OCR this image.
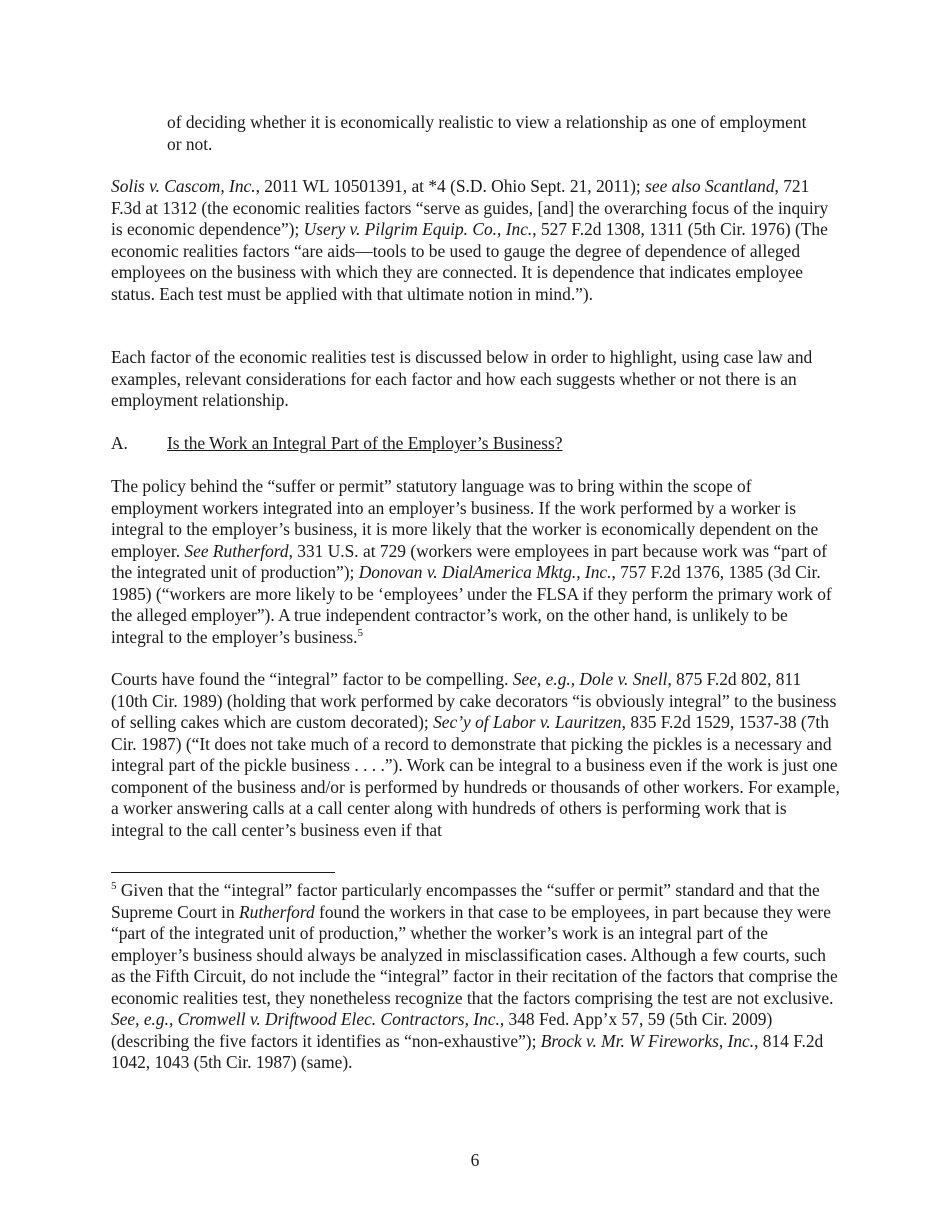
of deciding whether it is economically realistic to view a relationship as one of employment or not.
Solis v. Cascom, Inc., 2011 WL 10501391, at *4 (S.D. Ohio Sept. 21, 2011); see also Scantland, 721 F.3d at 1312 (the economic realities factors “serve as guides, [and] the overarching focus of the inquiry is economic dependence”); Usery v. Pilgrim Equip. Co., Inc., 527 F.2d 1308, 1311 (5th Cir. 1976) (The economic realities factors “are aids—tools to be used to gauge the degree of dependence of alleged employees on the business with which they are connected. It is dependence that indicates employee status. Each test must be applied with that ultimate notion in mind.”).
Each factor of the economic realities test is discussed below in order to highlight, using case law and examples, relevant considerations for each factor and how each suggests whether or not there is an employment relationship.
A. Is the Work an Integral Part of the Employer’s Business?
The policy behind the “suffer or permit” statutory language was to bring within the scope of employment workers integrated into an employer’s business. If the work performed by a worker is integral to the employer’s business, it is more likely that the worker is economically dependent on the employer. See Rutherford, 331 U.S. at 729 (workers were employees in part because work was “part of the integrated unit of production”); Donovan v. DialAmerica Mktg., Inc., 757 F.2d 1376, 1385 (3d Cir. 1985) (“workers are more likely to be ‘employees’ under the FLSA if they perform the primary work of the alleged employer”). A true independent contractor’s work, on the other hand, is unlikely to be integral to the employer’s business.$^5$
Courts have found the “integral” factor to be compelling. See, e.g., Dole v. Snell, 875 F.2d 802, 811 (10th Cir. 1989) (holding that work performed by cake decorators “is obviously integral” to the business of selling cakes which are custom decorated); Sec’y of Labor v. Lauritzen, 835 F.2d 1529, 1537-38 (7th Cir. 1987) (“It does not take much of a record to demonstrate that picking the pickles is a necessary and integral part of the pickle business . . . .”). Work can be integral to a business even if the work is just one component of the business and/or is performed by hundreds or thousands of other workers. For example, a worker answering calls at a call center along with hundreds of others is performing work that is integral to the call center’s business even if that
$^5$ Given that the “integral” factor particularly encompasses the “suffer or permit” standard and that the Supreme Court in Rutherford found the workers in that case to be employees, in part because they were “part of the integrated unit of production,” whether the worker’s work is an integral part of the employer’s business should always be analyzed in misclassification cases. Although a few courts, such as the Fifth Circuit, do not include the “integral” factor in their recitation of the factors that comprise the economic realities test, they nonetheless recognize that the factors comprising the test are not exclusive. See, e.g., Cromwell v. Driftwood Elec. Contractors, Inc., 348 Fed. App’x 57, 59 (5th Cir. 2009) (describing the five factors it identifies as “non-exhaustive”); Brock v. Mr. W Fireworks, Inc., 814 F.2d 1042, 1043 (5th Cir. 1987) (same).
6
